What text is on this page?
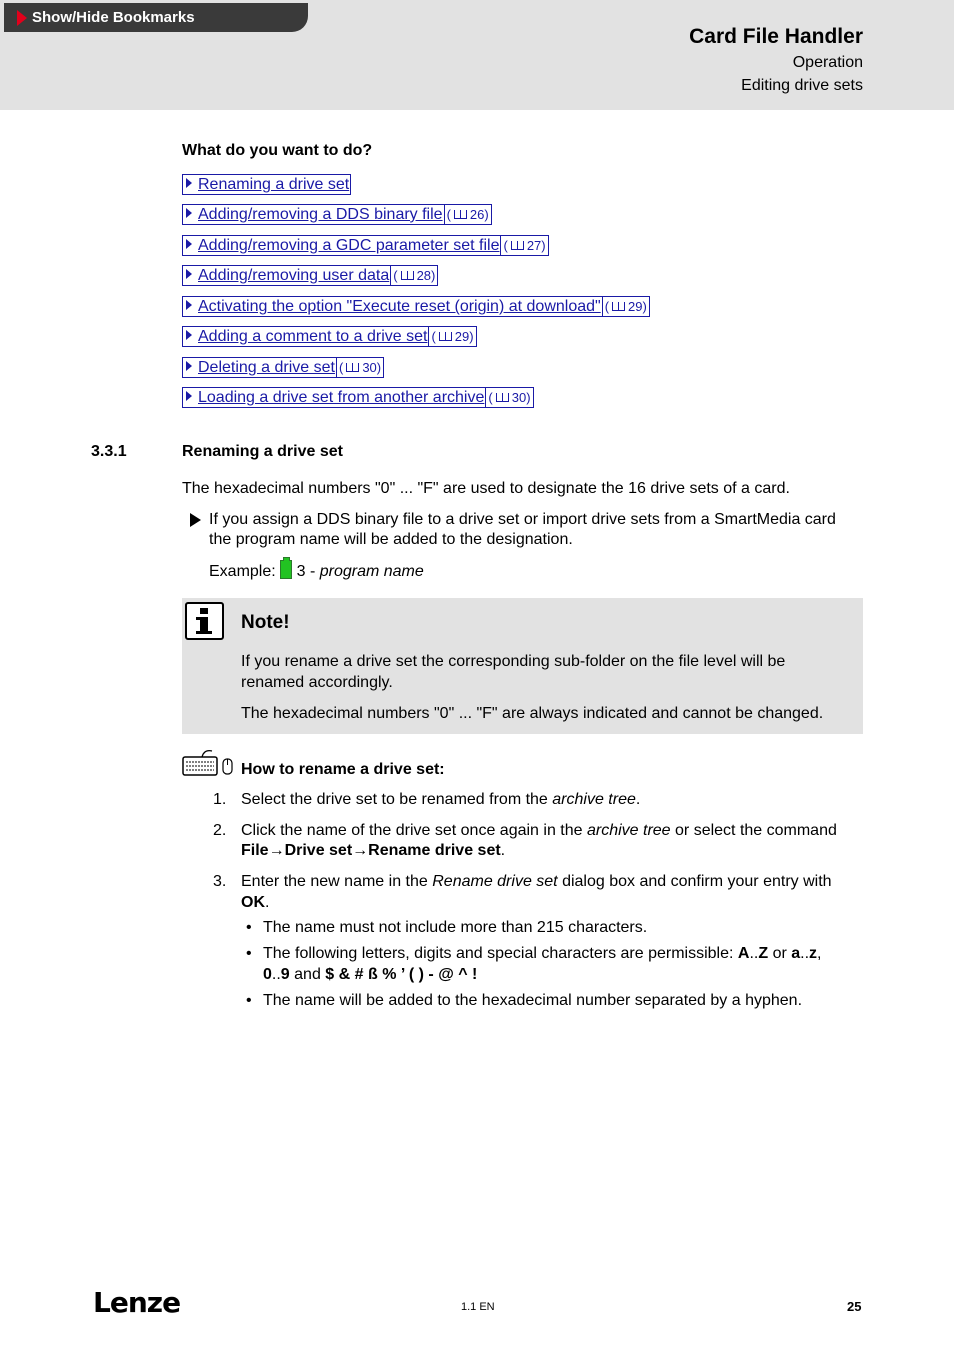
Show/Hide Bookmarks
Card File Handler
Operation
Editing drive sets
What do you want to do?
Renaming a drive set
Adding/removing a DDS binary file ( 26)
Adding/removing a GDC parameter set file ( 27)
Adding/removing user data ( 28)
Activating the option "Execute reset (origin) at download" ( 29)
Adding a comment to a drive set ( 29)
Deleting a drive set ( 30)
Loading a drive set from another archive ( 30)
3.3.1	Renaming a drive set
The hexadecimal numbers "0" ... "F" are used to designate the 16 drive sets of a card.
If you assign a DDS binary file to a drive set or import drive sets from a SmartMedia card
the program name will be added to the designation.
Example:  3 - program name
Note!
If you rename a drive set the corresponding sub-folder on the file level will be
renamed accordingly.
The hexadecimal numbers "0" ... "F" are always indicated and cannot be changed.
How to rename a drive set:
1. Select the drive set to be renamed from the archive tree.
2. Click the name of the drive set once again in the archive tree or select the command
File→Drive set→Rename drive set.
3. Enter the new name in the Rename drive set dialog box and confirm your entry with
OK.
• The name must not include more than 215 characters.
• The following letters, digits and special characters are permissible: A..Z or a..z,
0..9 and $ & # ß % ’ ( ) - @ ^ !
• The name will be added to the hexadecimal number separated by a hyphen.
Lenze	1.1 EN	25
